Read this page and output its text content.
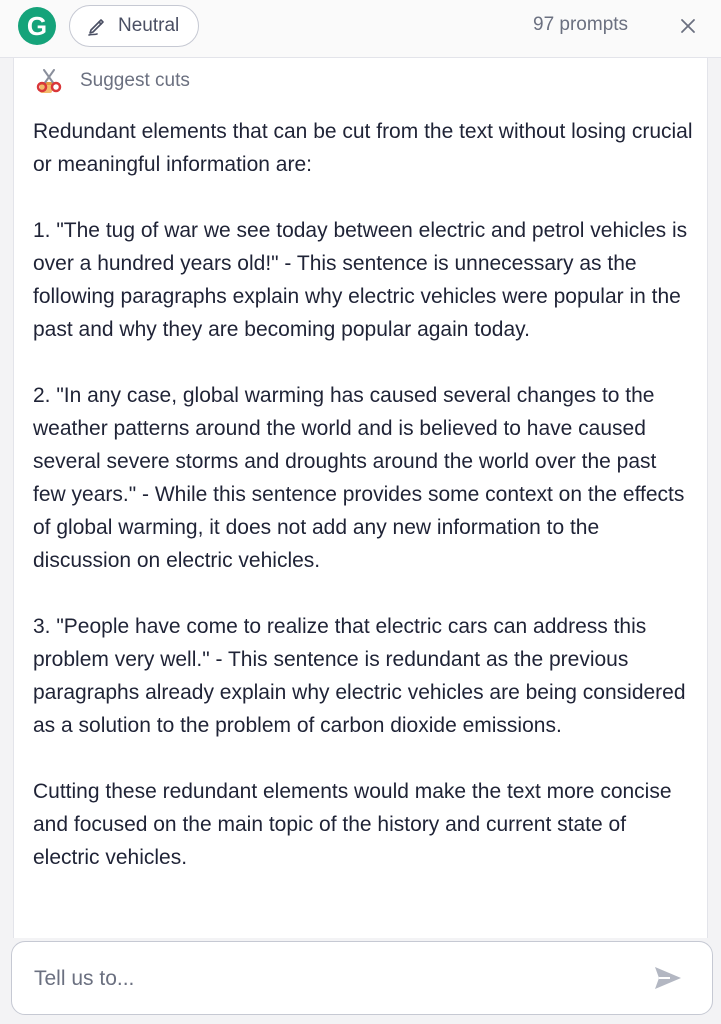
G	Neutral	97 prompts
Suggest cuts

Redundant elements that can be cut from the text without losing crucial or meaningful information are:

1. "The tug of war we see today between electric and petrol vehicles is over a hundred years old!" - This sentence is unnecessary as the following paragraphs explain why electric vehicles were popular in the past and why they are becoming popular again today.

2. "In any case, global warming has caused several changes to the weather patterns around the world and is believed to have caused several severe storms and droughts around the world over the past few years." - While this sentence provides some context on the effects of global warming, it does not add any new information to the discussion on electric vehicles.

3. "People have come to realize that electric cars can address this problem very well." - This sentence is redundant as the previous paragraphs already explain why electric vehicles are being considered as a solution to the problem of carbon dioxide emissions.

Cutting these redundant elements would make the text more concise and focused on the main topic of the history and current state of electric vehicles.

Tell us to...
